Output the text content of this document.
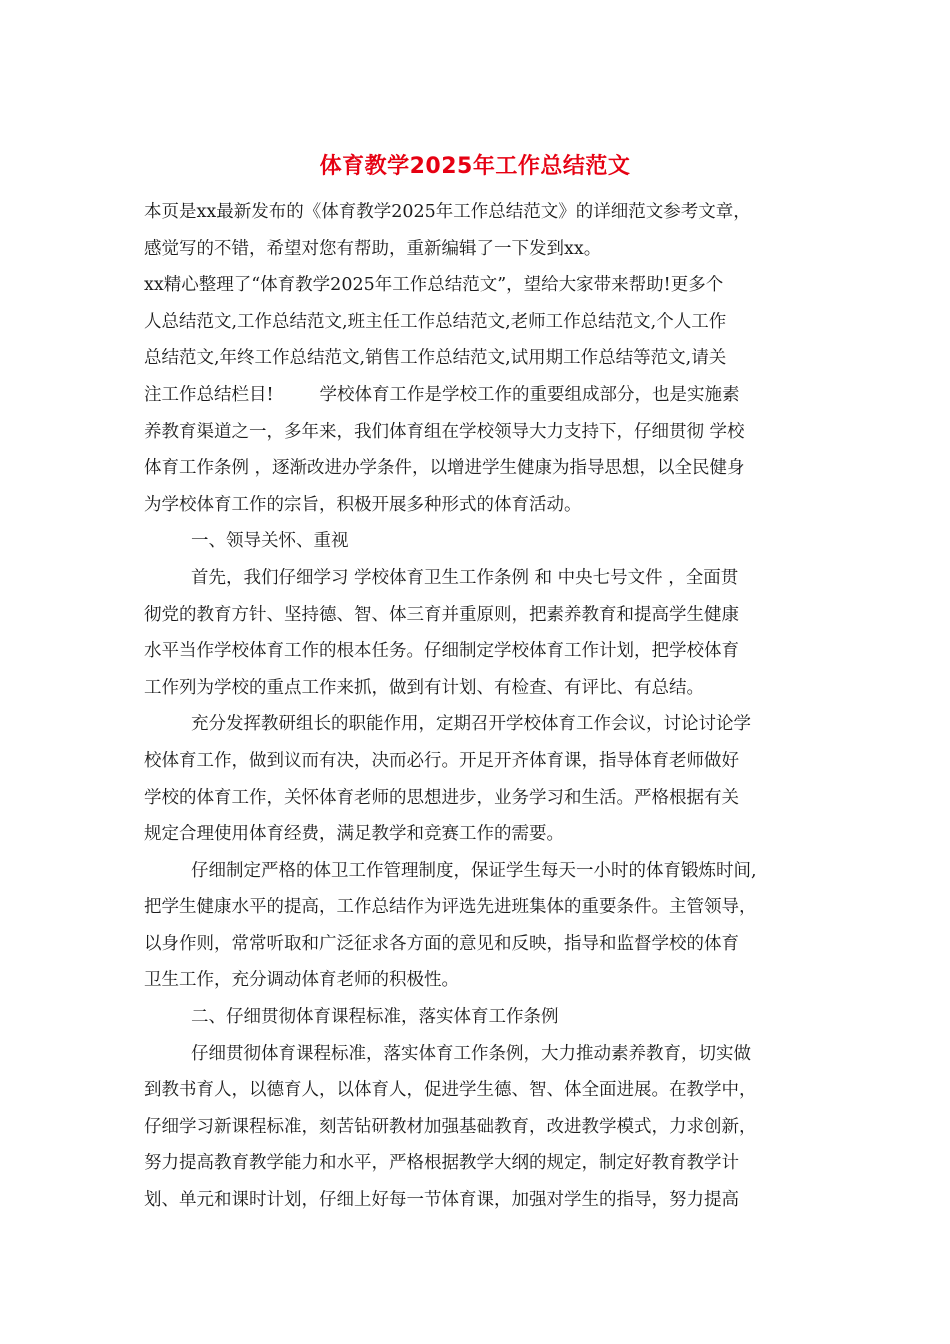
体育教学2025年工作总结范文
本页是xx最新发布的《体育教学2025年工作总结范文》的详细范文参考文章，
感觉写的不错，希望对您有帮助，重新编辑了一下发到xx。
xx精心整理了“体育教学2025年工作总结范文”，望给大家带来帮助!更多个
人总结范文,工作总结范文,班主任工作总结范文,老师工作总结范文,个人工作
总结范文,年终工作总结范文,销售工作总结范文,试用期工作总结等范文,请关
注工作总结栏目!	学校体育工作是学校工作的重要组成部分，也是实施素
养教育渠道之一，多年来，我们体育组在学校领导大力支持下，仔细贯彻 学校
体育工作条例 ，逐渐改进办学条件，以增进学生健康为指导思想，以全民健身
为学校体育工作的宗旨，积极开展多种形式的体育活动。
一、领导关怀、重视
首先，我们仔细学习 学校体育卫生工作条例 和 中央七号文件 ，全面贯
彻党的教育方针、坚持德、智、体三育并重原则，把素养教育和提高学生健康
水平当作学校体育工作的根本任务。仔细制定学校体育工作计划，把学校体育
工作列为学校的重点工作来抓，做到有计划、有检查、有评比、有总结。
充分发挥教研组长的职能作用，定期召开学校体育工作会议，讨论讨论学
校体育工作，做到议而有决，决而必行。开足开齐体育课，指导体育老师做好
学校的体育工作，关怀体育老师的思想进步，业务学习和生活。严格根据有关
规定合理使用体育经费，满足教学和竞赛工作的需要。
仔细制定严格的体卫工作管理制度，保证学生每天一小时的体育锻炼时间,
把学生健康水平的提高，工作总结作为评选先进班集体的重要条件。主管领导，
以身作则，常常听取和广泛征求各方面的意见和反映，指导和监督学校的体育
卫生工作，充分调动体育老师的积极性。
二、仔细贯彻体育课程标准，落实体育工作条例
仔细贯彻体育课程标准，落实体育工作条例，大力推动素养教育，切实做
到教书育人，以德育人，以体育人，促进学生德、智、体全面进展。在教学中，
仔细学习新课程标准，刻苦钻研教材加强基础教育，改进教学模式，力求创新，
努力提高教育教学能力和水平，严格根据教学大纲的规定，制定好教育教学计
划、单元和课时计划，仔细上好每一节体育课，加强对学生的指导，努力提高
